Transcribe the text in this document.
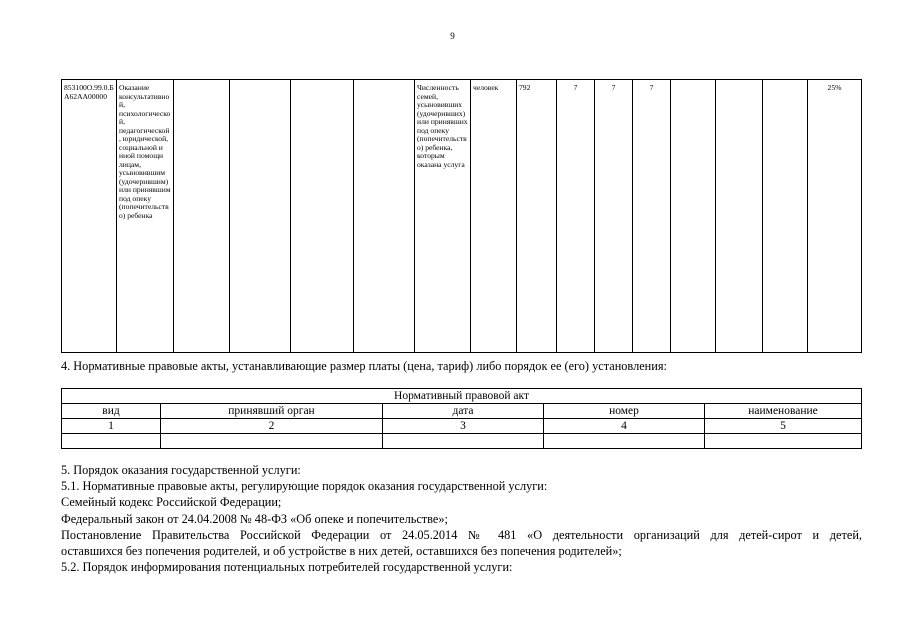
9
853100О.99.0.БА62АА00000	Оказание консультативной, психологической, педагогической, юридической, социальной и иной помощи лицам, усыновившим (удочерившим) или принявшим под опеку (попечительство) ребенка					Численность семей, усыновивших (удочеривших) или принявших под опеку (попечительство) ребенка, которым оказана услуга	человек	792	7	7	7				25%
4. Нормативные правовые акты, устанавливающие размер платы (цена, тариф) либо порядок ее (его) установления:
Нормативный правовой акт				
вид	принявший орган	дата	номер	наименование
1	2	3	4	5

5. Порядок оказания государственной услуги:

5.1. Нормативные правовые акты, регулирующие порядок оказания государственной услуги:

Семейный кодекс Российской Федерации;

Федеральный закон от 24.04.2008 № 48-ФЗ «Об опеке и попечительстве»;

Постановление Правительства Российской Федерации от 24.05.2014 № 481 «О деятельности организаций для детей-сирот и детей,

оставшихся без попечения родителей, и об устройстве в них детей, оставшихся без попечения родителей»;

5.2. Порядок информирования потенциальных потребителей государственной услуги:
